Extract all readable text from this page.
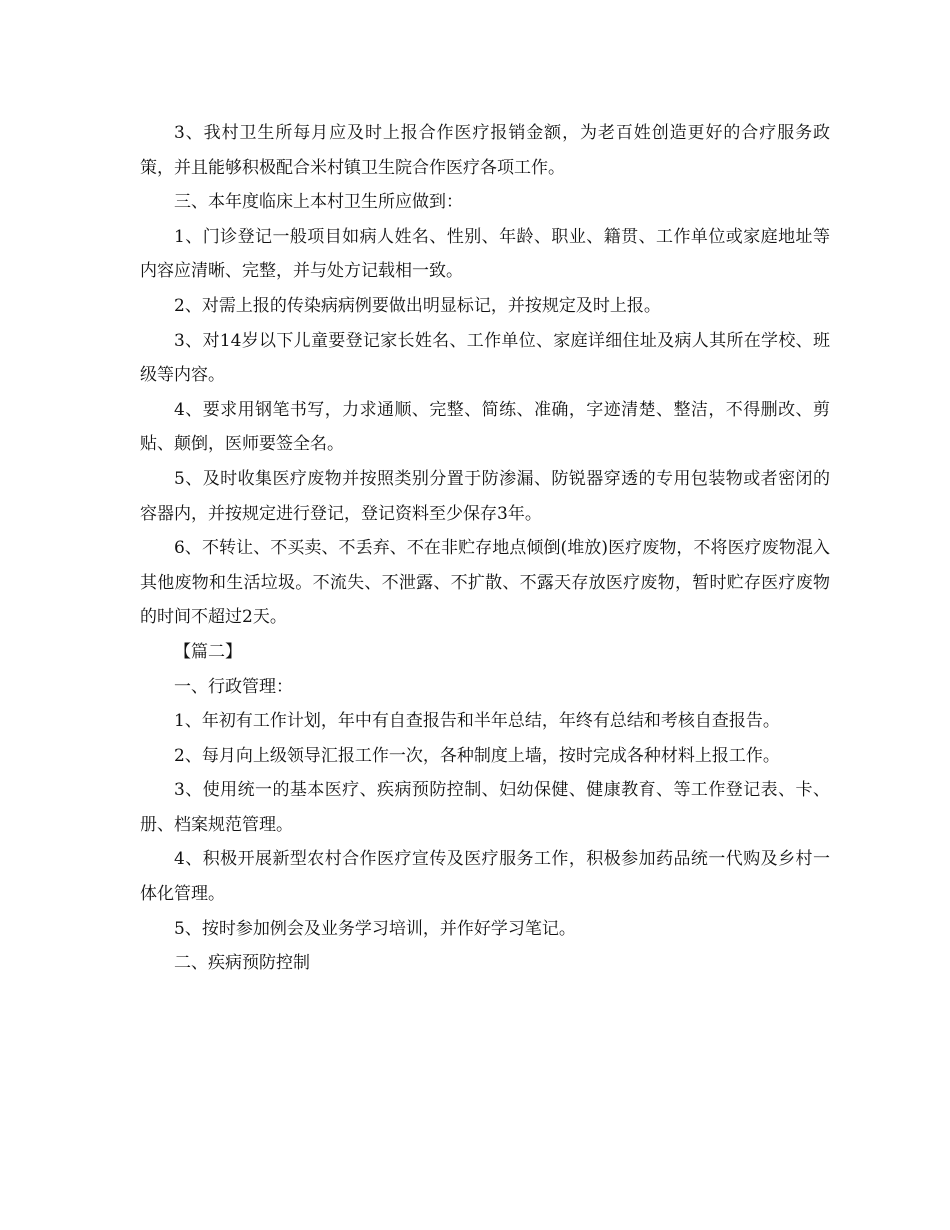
3、我村卫生所每月应及时上报合作医疗报销金额，为老百姓创造更好的合疗服务政策，并且能够积极配合米村镇卫生院合作医疗各项工作。

三、本年度临床上本村卫生所应做到：

1、门诊登记一般项目如病人姓名、性别、年龄、职业、籍贯、工作单位或家庭地址等内容应清晰、完整，并与处方记载相一致。

2、对需上报的传染病病例要做出明显标记，并按规定及时上报。

3、对14岁以下儿童要登记家长姓名、工作单位、家庭详细住址及病人其所在学校、班级等内容。

4、要求用钢笔书写，力求通顺、完整、简练、准确，字迹清楚、整洁，不得删改、剪贴、颠倒，医师要签全名。

5、及时收集医疗废物并按照类别分置于防渗漏、防锐器穿透的专用包装物或者密闭的容器内，并按规定进行登记，登记资料至少保存3年。

6、不转让、不买卖、不丢弃、不在非贮存地点倾倒(堆放)医疗废物，不将医疗废物混入其他废物和生活垃圾。不流失、不泄露、不扩散、不露天存放医疗废物，暂时贮存医疗废物的时间不超过2天。

【篇二】

一、行政管理：

1、年初有工作计划，年中有自查报告和半年总结，年终有总结和考核自查报告。

2、每月向上级领导汇报工作一次，各种制度上墙，按时完成各种材料上报工作。

3、使用统一的基本医疗、疾病预防控制、妇幼保健、健康教育、等工作登记表、卡、册、档案规范管理。

4、积极开展新型农村合作医疗宣传及医疗服务工作，积极参加药品统一代购及乡村一体化管理。

5、按时参加例会及业务学习培训，并作好学习笔记。

二、疾病预防控制
